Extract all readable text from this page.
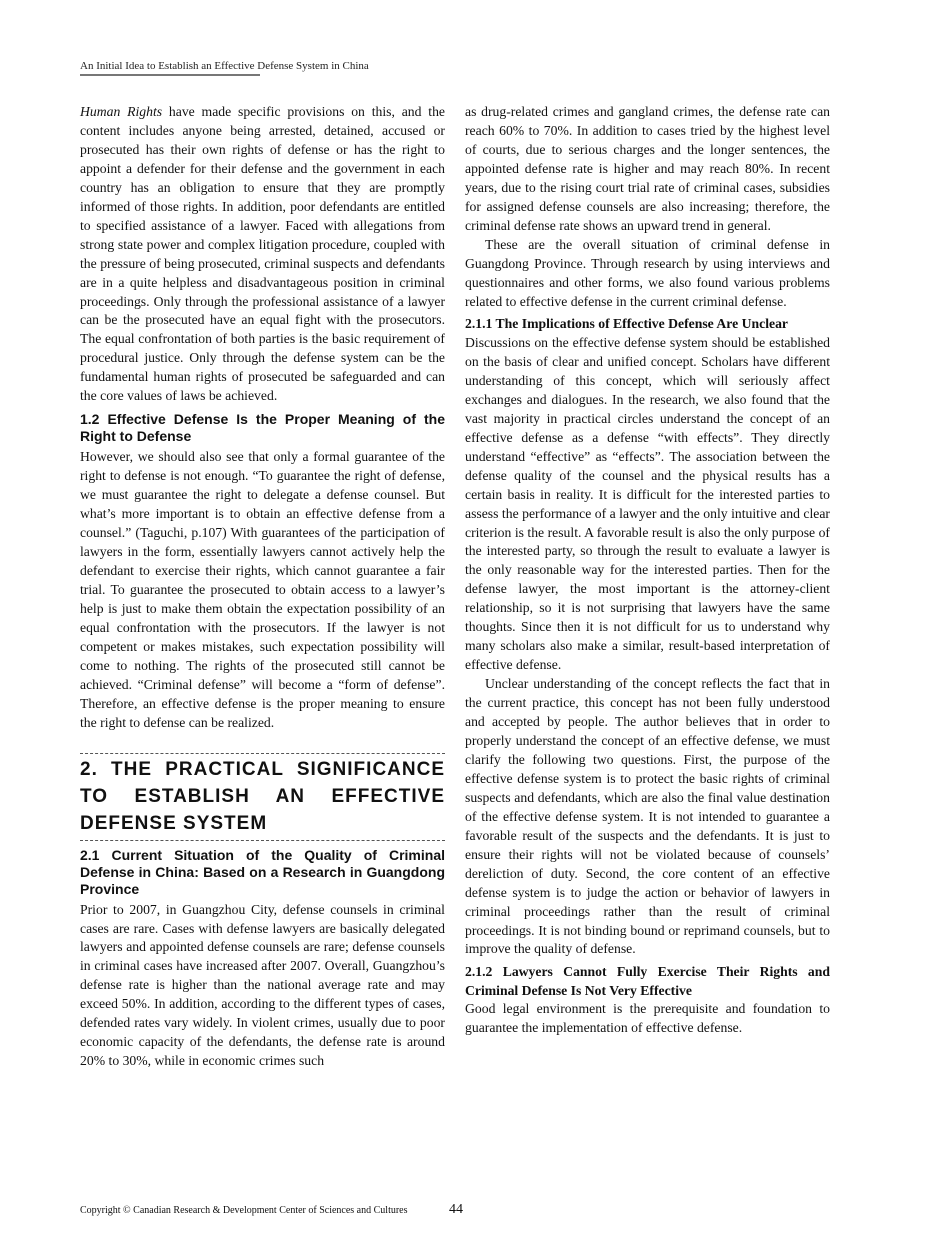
An Initial Idea to Establish an Effective Defense System in China

Human Rights have made specific provisions on this, and the content includes anyone being arrested, detained, accused or prosecuted has their own rights of defense or has the right to appoint a defender for their defense and the government in each country has an obligation to ensure that they are promptly informed of those rights. In addition, poor defendants are entitled to specified assistance of a lawyer. Faced with allegations from strong state power and complex litigation procedure, coupled with the pressure of being prosecuted, criminal suspects and defendants are in a quite helpless and disadvantageous position in criminal proceedings. Only through the professional assistance of a lawyer can be the prosecuted have an equal fight with the prosecutors. The equal confrontation of both parties is the basic requirement of procedural justice. Only through the defense system can be the fundamental human rights of prosecuted be safeguarded and can the core values of laws be achieved.

1.2 Effective Defense Is the Proper Meaning of the Right to Defense

However, we should also see that only a formal guarantee of the right to defense is not enough. “To guarantee the right of defense, we must guarantee the right to delegate a defense counsel. But what’s more important is to obtain an effective defense from a counsel.” (Taguchi, p.107) With guarantees of the participation of lawyers in the form, essentially lawyers cannot actively help the defendant to exercise their rights, which cannot guarantee a fair trial. To guarantee the prosecuted to obtain access to a lawyer’s help is just to make them obtain the expectation possibility of an equal confrontation with the prosecutors. If the lawyer is not competent or makes mistakes, such expectation possibility will come to nothing. The rights of the prosecuted still cannot be achieved. “Criminal defense” will become a “form of defense”. Therefore, an effective defense is the proper meaning to ensure the right to defense can be realized.

2. THE PRACTICAL SIGNIFICANCE TO ESTABLISH AN EFFECTIVE DEFENSE SYSTEM
2.1 Current Situation of the Quality of Criminal Defense in China: Based on a Research in Guangdong Province

Prior to 2007, in Guangzhou City, defense counsels in criminal cases are rare. Cases with defense lawyers are basically delegated lawyers and appointed defense counsels are rare; defense counsels in criminal cases have increased after 2007. Overall, Guangzhou’s defense rate is higher than the national average rate and may exceed 50%. In addition, according to the different types of cases, defended rates vary widely. In violent crimes, usually due to poor economic capacity of the defendants, the defense rate is around 20% to 30%, while in economic crimes such

as drug-related crimes and gangland crimes, the defense rate can reach 60% to 70%. In addition to cases tried by the highest level of courts, due to serious charges and the longer sentences, the appointed defense rate is higher and may reach 80%. In recent years, due to the rising court trial rate of criminal cases, subsidies for assigned defense counsels are also increasing; therefore, the criminal defense rate shows an upward trend in general.

These are the overall situation of criminal defense in Guangdong Province. Through research by using interviews and questionnaires and other forms, we also found various problems related to effective defense in the current criminal defense.

2.1.1 The Implications of Effective Defense Are Unclear

Discussions on the effective defense system should be established on the basis of clear and unified concept. Scholars have different understanding of this concept, which will seriously affect exchanges and dialogues. In the research, we also found that the vast majority in practical circles understand the concept of an effective defense as a defense “with effects”. They directly understand “effective” as “effects”. The association between the defense quality of the counsel and the physical results has a certain basis in reality. It is difficult for the interested parties to assess the performance of a lawyer and the only intuitive and clear criterion is the result. A favorable result is also the only purpose of the interested party, so through the result to evaluate a lawyer is the only reasonable way for the interested parties. Then for the defense lawyer, the most important is the attorney-client relationship, so it is not surprising that lawyers have the same thoughts. Since then it is not difficult for us to understand why many scholars also make a similar, result-based interpretation of effective defense.

Unclear understanding of the concept reflects the fact that in the current practice, this concept has not been fully understood and accepted by people. The author believes that in order to properly understand the concept of an effective defense, we must clarify the following two questions. First, the purpose of the effective defense system is to protect the basic rights of criminal suspects and defendants, which are also the final value destination of the effective defense system. It is not intended to guarantee a favorable result of the suspects and the defendants. It is just to ensure their rights will not be violated because of counsels’ dereliction of duty. Second, the core content of an effective defense system is to judge the action or behavior of lawyers in criminal proceedings rather than the result of criminal proceedings. It is not binding bound or reprimand counsels, but to improve the quality of defense.

2.1.2 Lawyers Cannot Fully Exercise Their Rights and Criminal Defense Is Not Very Effective

Good legal environment is the prerequisite and foundation to guarantee the implementation of effective defense.

Copyright © Canadian Research & Development Center of Sciences and Cultures	44
